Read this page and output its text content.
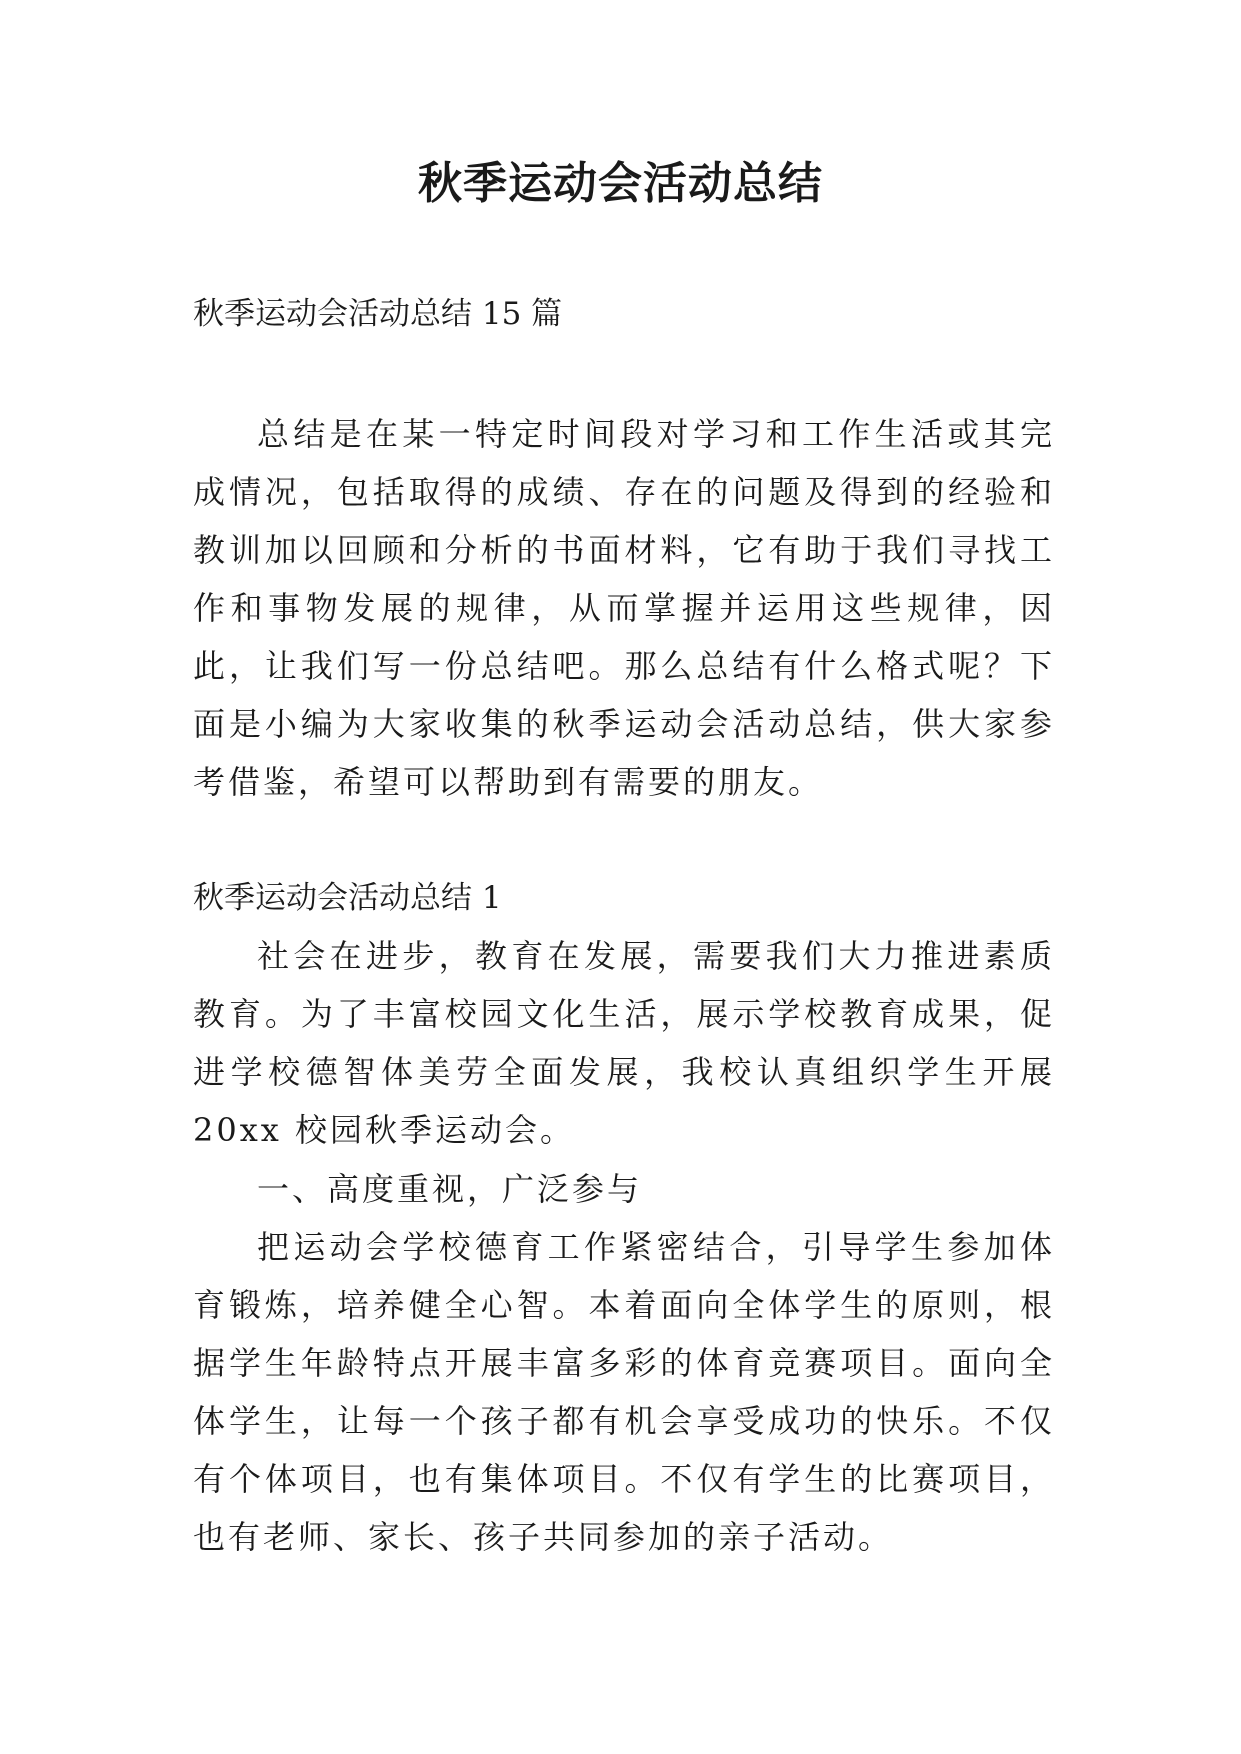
秋季运动会活动总结

秋季运动会活动总结 15 篇

总结是在某一特定时间段对学习和工作生活或其完成情况，包括取得的成绩、存在的问题及得到的经验和教训加以回顾和分析的书面材料，它有助于我们寻找工作和事物发展的规律，从而掌握并运用这些规律，因此，让我们写一份总结吧。那么总结有什么格式呢？下面是小编为大家收集的秋季运动会活动总结，供大家参考借鉴，希望可以帮助到有需要的朋友。

秋季运动会活动总结 1

社会在进步，教育在发展，需要我们大力推进素质教育。为了丰富校园文化生活，展示学校教育成果，促进学校德智体美劳全面发展，我校认真组织学生开展 20xx 校园秋季运动会。

一、高度重视，广泛参与

把运动会学校德育工作紧密结合，引导学生参加体育锻炼，培养健全心智。本着面向全体学生的原则，根据学生年龄特点开展丰富多彩的体育竞赛项目。面向全体学生，让每一个孩子都有机会享受成功的快乐。不仅有个体项目，也有集体项目。不仅有学生的比赛项目，也有老师、家长、孩子共同参加的亲子活动。
